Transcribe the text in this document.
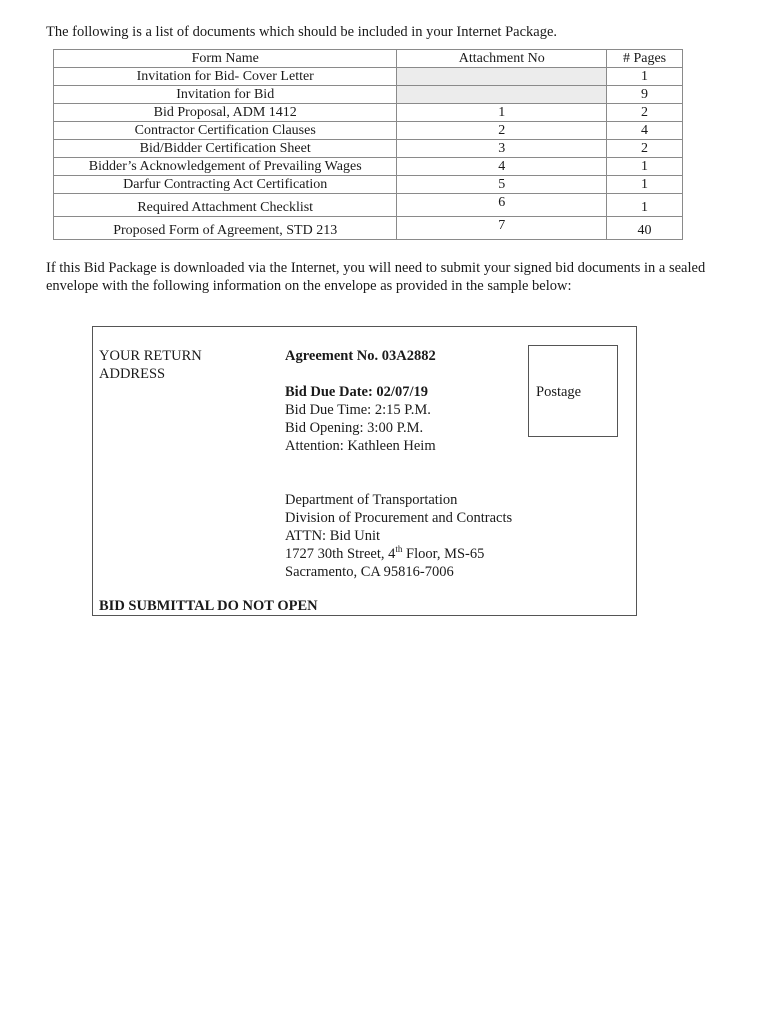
The following is a list of documents which should be included in your Internet Package.
Form Name	Attachment No	# Pages
Invitation for Bid- Cover Letter		1
Invitation for Bid		9
Bid Proposal, ADM 1412	1	2
Contractor Certification Clauses	2	4
Bid/Bidder Certification Sheet	3	2
Bidder’s Acknowledgement of Prevailing Wages	4	1
Darfur Contracting Act Certification	5	1
Required Attachment Checklist	6	1
Proposed Form of Agreement, STD 213	7	40
If this Bid Package is downloaded via the Internet, you will need to submit your signed bid documents in a sealed envelope with the following information on the envelope as provided in the sample below:
YOUR RETURN ADDRESS
Agreement No. 03A2882
Bid Due Date: 02/07/19
Bid Due Time: 2:15 P.M.
Bid Opening: 3:00 P.M.
Attention: Kathleen Heim
Department of Transportation
Division of Procurement and Contracts
ATTN: Bid Unit
1727 30th Street, 4th Floor, MS-65
Sacramento, CA 95816-7006
Postage
BID SUBMITTAL DO NOT OPEN
